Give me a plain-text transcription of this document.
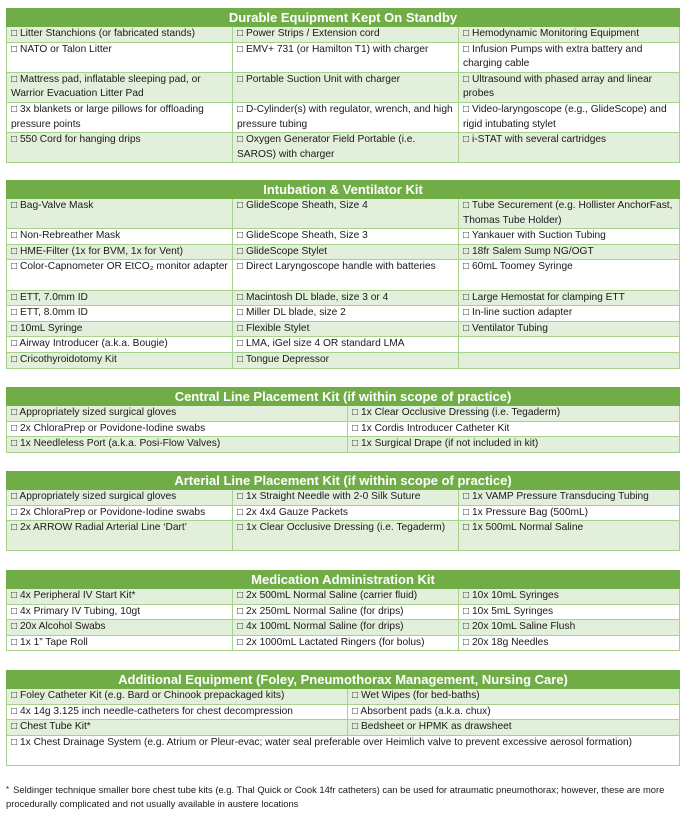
Durable Equipment Kept On Standby		
□ Litter Stanchions (or fabricated stands)	□ Power Strips / Extension cord	□ Hemodynamic Monitoring Equipment
□ NATO or Talon Litter	□ EMV+ 731 (or Hamilton T1) with charger	□ Infusion Pumps with extra battery and charging cable
□ Mattress pad, inflatable sleeping pad, or Warrior Evacuation Litter Pad	□ Portable Suction Unit with charger	□ Ultrasound with phased array and linear probes
□ 3x blankets or large pillows for offloading pressure points	□ D-Cylinder(s) with regulator, wrench, and high pressure tubing	□ Video-laryngoscope (e.g., GlideScope) and rigid intubating stylet
□ 550 Cord for hanging drips	□ Oxygen Generator Field Portable (i.e. SAROS) with charger	□ i-STAT with several cartridges
Intubation & Ventilator Kit		
□ Bag-Valve Mask	□ GlideScope Sheath, Size 4	□ Tube Securement (e.g. Hollister AnchorFast, Thomas Tube Holder)
□ Non-Rebreather Mask	□ GlideScope Sheath, Size 3	□ Yankauer with Suction Tubing
□ HME-Filter (1x for BVM, 1x for Vent)	□ GlideScope Stylet	□ 18fr Salem Sump NG/OGT
□ Color-Capnometer OR EtCO₂ monitor adapter	□ Direct Laryngoscope handle with batteries	□ 60mL Toomey Syringe
□ ETT, 7.0mm ID	□ Macintosh DL blade, size 3 or 4	□ Large Hemostat for clamping ETT
□ ETT, 8.0mm ID	□ Miller DL blade, size 2	□ In-line suction adapter
□ 10mL Syringe	□ Flexible Stylet	□ Ventilator Tubing
□ Airway Introducer (a.k.a. Bougie)	□ LMA, iGel size 4 OR standard LMA	
□ Cricothyroidotomy Kit	□ Tongue Depressor	
Central Line Placement Kit (if within scope of practice)	
□ Appropriately sized surgical gloves	□ 1x Clear Occlusive Dressing (i.e. Tegaderm)
□ 2x ChloraPrep or Povidone-Iodine swabs	□ 1x Cordis Introducer Catheter Kit
□ 1x Needleless Port (a.k.a. Posi-Flow Valves)	□ 1x Surgical Drape (if not included in kit)
Arterial Line Placement Kit (if within scope of practice)		
□ Appropriately sized surgical gloves	□ 1x Straight Needle with 2-0 Silk Suture	□ 1x VAMP Pressure Transducing Tubing
□ 2x ChloraPrep or Povidone-Iodine swabs	□ 2x 4x4 Gauze Packets	□ 1x Pressure Bag (500mL)
□ 2x ARROW Radial Arterial Line ‘Dart’	□ 1x Clear Occlusive Dressing (i.e. Tegaderm)	□ 1x 500mL Normal Saline
Medication Administration Kit		
□ 4x Peripheral IV Start Kit*	□ 2x 500mL Normal Saline (carrier fluid)	□ 10x 10mL Syringes
□ 4x Primary IV Tubing, 10gt	□ 2x 250mL Normal Saline (for drips)	□ 10x 5mL Syringes
□ 20x Alcohol Swabs	□ 4x 100mL Normal Saline (for drips)	□ 20x 10mL Saline Flush
□ 1x 1” Tape Roll	□ 2x 1000mL Lactated Ringers (for bolus)	□ 20x 18g Needles
Additional Equipment (Foley, Pneumothorax Management, Nursing Care)	
□ Foley Catheter Kit (e.g. Bard or Chinook prepackaged kits)	□ Wet Wipes (for bed-baths)
□ 4x 14g 3.125 inch needle-catheters for chest decompression	□ Absorbent pads (a.k.a. chux)
□ Chest Tube Kit*	□ Bedsheet or HPMK as drawsheet
□ 1x Chest Drainage System (e.g. Atrium or Pleur-evac; water seal preferable over Heimlich valve to prevent excessive aerosol formation)	
* Seldinger technique smaller bore chest tube kits (e.g. Thal Quick or Cook 14fr catheters) can be used for atraumatic pneumothorax; however, these are more procedurally complicated and not usually available in austere locations
